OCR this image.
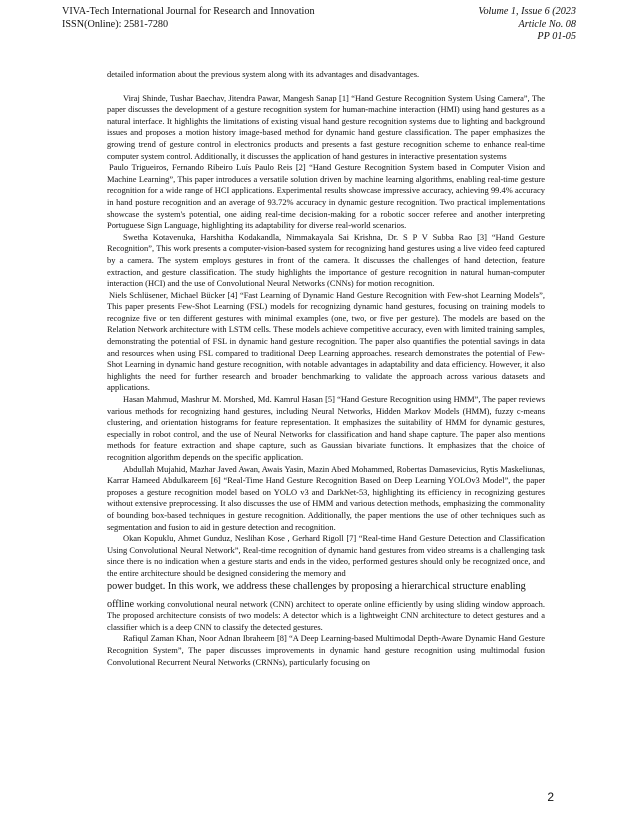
VIVA-Tech International Journal for Research and Innovation
ISSN(Online): 2581-7280
Volume 1, Issue 6 (2023
Article No. 08
PP 01-05

detailed information about the previous system along with its advantages and disadvantages.

Viraj Shinde, Tushar Baechav, Jitendra Pawar, Mangesh Sanap [1] “Hand Gesture Recognition System Using Camera”, The paper discusses the development of a gesture recognition system for human-machine interaction (HMI) using hand gestures as a natural interface. It highlights the limitations of existing visual hand gesture recognition systems due to lighting and background issues and proposes a motion history image-based method for dynamic hand gesture classification. The paper emphasizes the growing trend of gesture control in electronics products and presents a fast gesture recognition scheme to enhance real-time computer system control. Additionally, it discusses the application of hand gestures in interactive presentation systems

Paulo Trigueiros, Fernando Ribeiro Luís Paulo Reis [2] “Hand Gesture Recognition System based in Computer Vision and Machine Learning”, This paper introduces a versatile solution driven by machine learning algorithms, enabling real-time gesture recognition for a wide range of HCI applications. Experimental results showcase impressive accuracy, achieving 99.4% accuracy in hand posture recognition and an average of 93.72% accuracy in dynamic gesture recognition. Two practical implementations showcase the system's potential, one aiding real-time decision-making for a robotic soccer referee and another interpreting Portuguese Sign Language, highlighting its adaptability for diverse real-world scenarios.

Swetha Kotavenuka, Harshitha Kodakandla, Nimmakayala Sai Krishna, Dr. S P V Subba Rao [3] “Hand Gesture Recognition”, This work presents a computer-vision-based system for recognizing hand gestures using a live video feed captured by a camera. The system employs gestures in front of the camera. It discusses the challenges of hand detection, feature extraction, and gesture classification. The study highlights the importance of gesture recognition in natural human-computer interaction (HCI) and the use of Convolutional Neural Networks (CNNs) for motion recognition.

Niels Schlüsener, Michael Bücker [4] “Fast Learning of Dynamic Hand Gesture Recognition with Few-shot Learning Models”, This paper presents Few-Shot Learning (FSL) models for recognizing dynamic hand gestures, focusing on training models to recognize five or ten different gestures with minimal examples (one, two, or five per gesture). The models are based on the Relation Network architecture with LSTM cells. These models achieve competitive accuracy, even with limited training samples, demonstrating the potential of FSL in dynamic hand gesture recognition. The paper also quantifies the potential savings in data and resources when using FSL compared to traditional Deep Learning approaches. research demonstrates the potential of Few-Shot Learning in dynamic hand gesture recognition, with notable advantages in adaptability and data efficiency. However, it also highlights the need for further research and broader benchmarking to validate the approach across various datasets and applications.

Hasan Mahmud, Mashrur M. Morshed, Md. Kamrul Hasan [5] “Hand Gesture Recognition using HMM”, The paper reviews various methods for recognizing hand gestures, including Neural Networks, Hidden Markov Models (HMM), fuzzy c-means clustering, and orientation histograms for feature representation. It emphasizes the suitability of HMM for dynamic gestures, especially in robot control, and the use of Neural Networks for classification and hand shape capture. The paper also mentions methods for feature extraction and shape capture, such as Gaussian bivariate functions. It emphasizes that the choice of recognition algorithm depends on the specific application.

Abdullah Mujahid, Mazhar Javed Awan, Awais Yasin, Mazin Abed Mohammed, Robertas Damasevicius, Rytis Maskeliunas, Karrar Hameed Abdulkareem [6] “Real-Time Hand Gesture Recognition Based on Deep Learning YOLOv3 Model”, the paper proposes a gesture recognition model based on YOLO v3 and DarkNet-53, highlighting its efficiency in recognizing gestures without extensive preprocessing. It also discusses the use of HMM and various detection methods, emphasizing the commonality of bounding box-based techniques in gesture recognition. Additionally, the paper mentions the use of other techniques such as segmentation and fusion to aid in gesture detection and recognition.

Okan Kopuklu, Ahmet Gunduz, Neslihan Kose , Gerhard Rigoll [7] “Real-time Hand Gesture Detection and Classification Using Convolutional Neural Network”, Real-time recognition of dynamic hand gestures from video streams is a challenging task since there is no indication when a gesture starts and ends in the video, performed gestures should only be recognized once, and the entire architecture should be designed considering the memory and

power budget. In this work, we address these challenges by proposing a hierarchical structure enabling

offline working convolutional neural network (CNN) architect to operate online efficiently by using sliding window approach. The proposed architecture consists of two models: A detector which is a lightweight CNN architecture to detect gestures and a classifier which is a deep CNN to classify the detected gestures.

Rafiqul Zaman Khan, Noor Adnan Ibraheem [8] “A Deep Learning-based Multimodal Depth-Aware Dynamic Hand Gesture Recognition System”, The paper discusses improvements in dynamic hand gesture recognition using multimodal fusion Convolutional Recurrent Neural Networks (CRNNs), particularly focusing on

2
